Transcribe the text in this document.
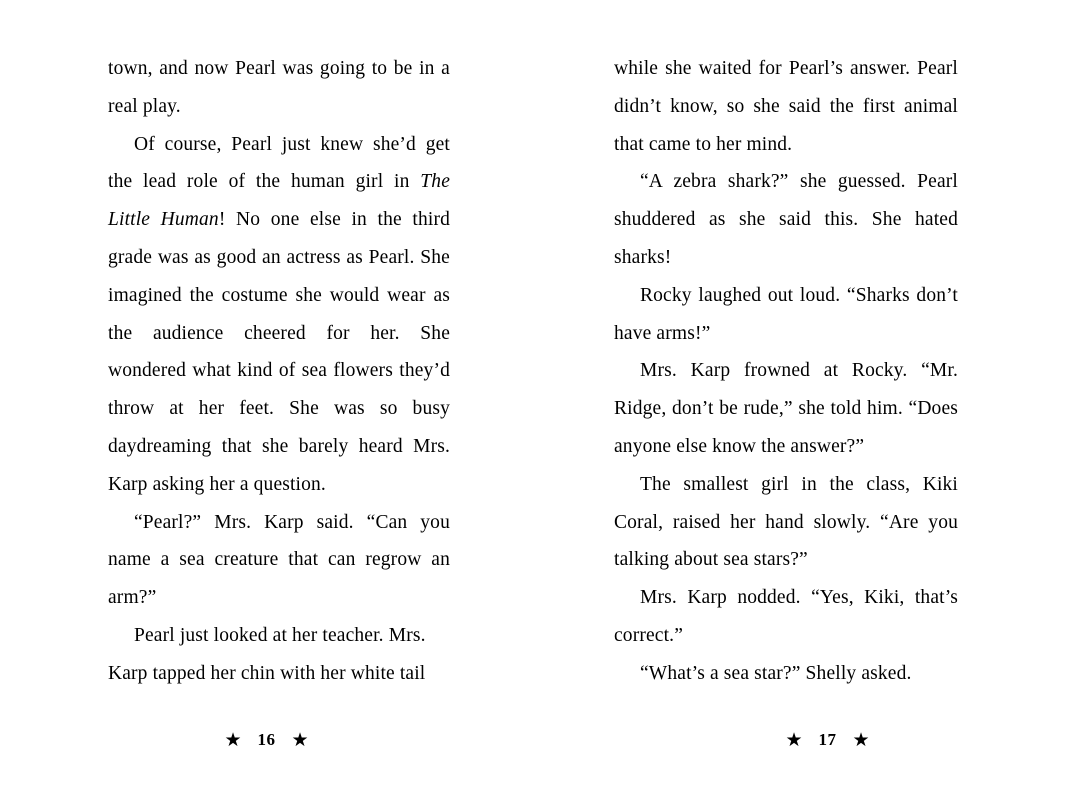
town, and now Pearl was going to be in a real play.

Of course, Pearl just knew she’d get the lead role of the human girl in The Little Human! No one else in the third grade was as good an actress as Pearl. She imagined the costume she would wear as the audience cheered for her. She wondered what kind of sea flowers they’d throw at her feet. She was so busy daydreaming that she barely heard Mrs. Karp asking her a question.

“Pearl?” Mrs. Karp said. “Can you name a sea creature that can regrow an arm?”

Pearl just looked at her teacher. Mrs. Karp tapped her chin with her white tail

★ 16 ★

while she waited for Pearl’s answer. Pearl didn’t know, so she said the first animal that came to her mind.

“A zebra shark?” she guessed. Pearl shuddered as she said this. She hated sharks!

Rocky laughed out loud. “Sharks don’t have arms!”

Mrs. Karp frowned at Rocky. “Mr. Ridge, don’t be rude,” she told him. “Does anyone else know the answer?”

The smallest girl in the class, Kiki Coral, raised her hand slowly. “Are you talking about sea stars?”

Mrs. Karp nodded. “Yes, Kiki, that’s correct.”

“What’s a sea star?” Shelly asked.

★ 17 ★
